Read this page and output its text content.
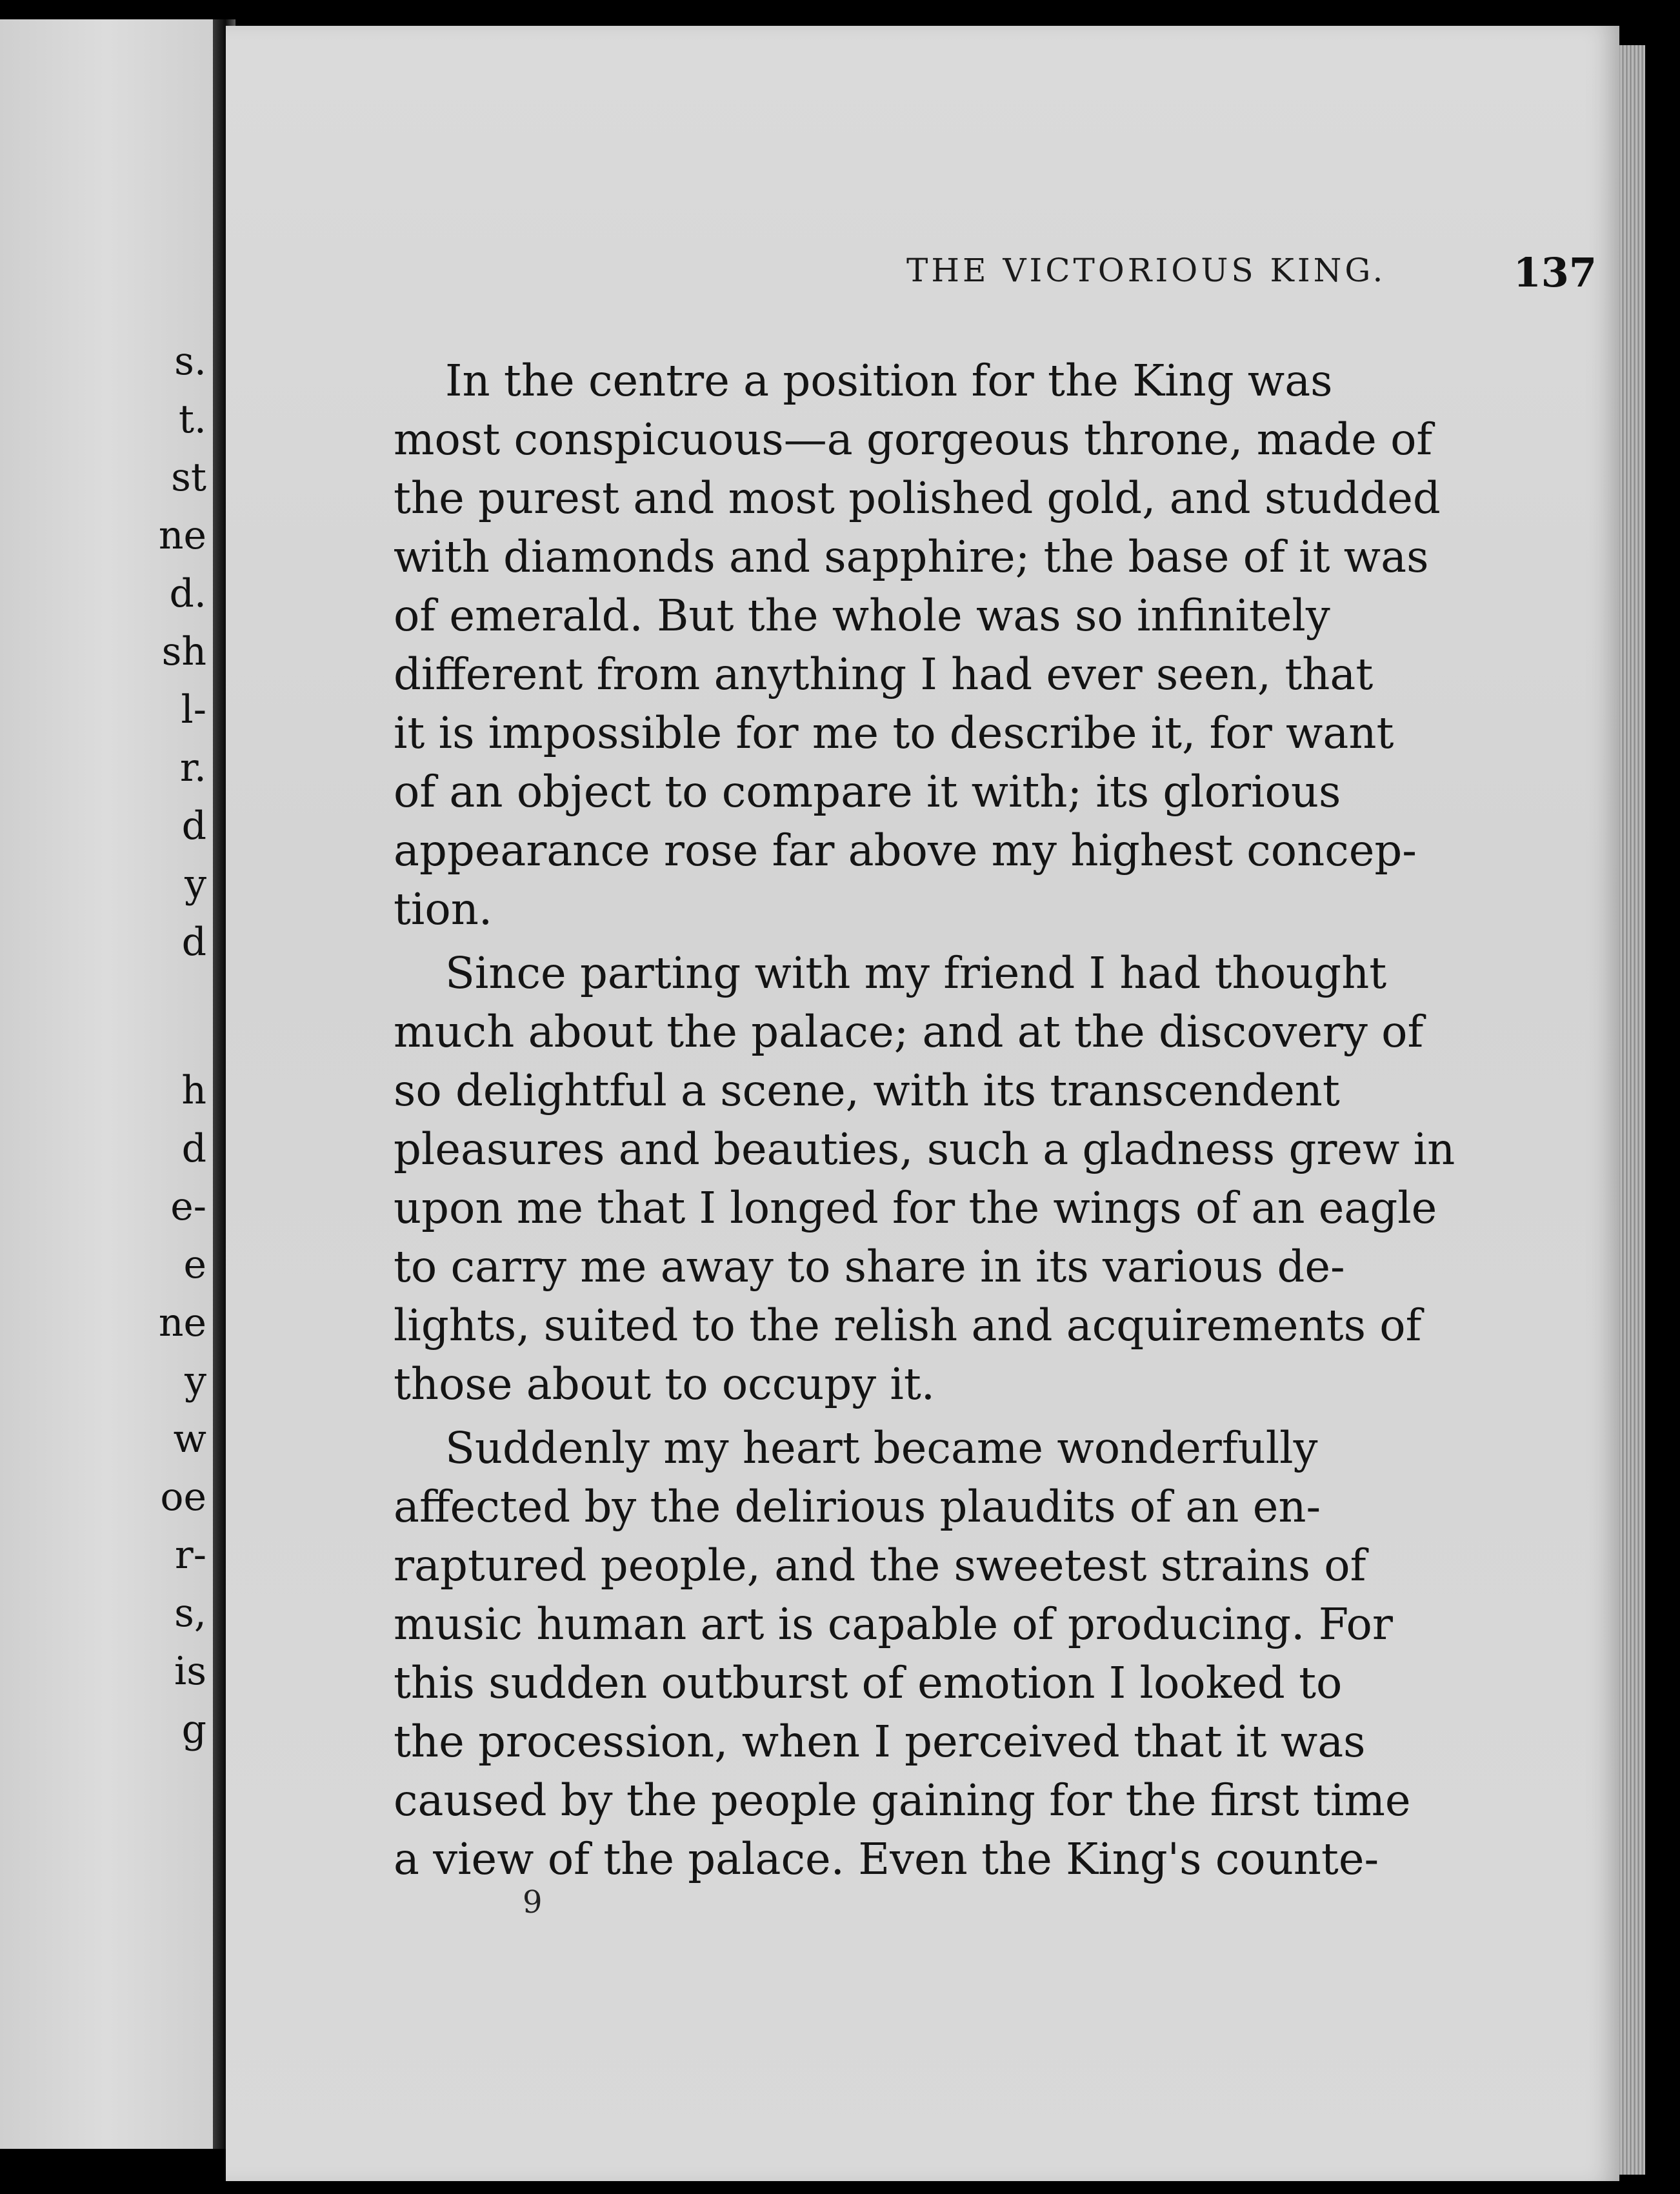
s.

t.

st

ne

d.

sh

l-

r.

d

y

d

h

d

e-

e

ne

y

w

oe

r-

s,

is

g

THE VICTORIOUS KING.	137
In the centre a position for the King was
most conspicuous—a gorgeous throne, made of
the purest and most polished gold, and studded
with diamonds and sapphire; the base of it was
of emerald. But the whole was so infinitely
different from anything I had ever seen, that
it is impossible for me to describe it, for want
of an object to compare it with; its glorious
appearance rose far above my highest concep-
tion.
Since parting with my friend I had thought
much about the palace; and at the discovery of
so delightful a scene, with its transcendent
pleasures and beauties, such a gladness grew in
upon me that I longed for the wings of an eagle
to carry me away to share in its various de-
lights, suited to the relish and acquirements of
those about to occupy it.
Suddenly my heart became wonderfully
affected by the delirious plaudits of an en-
raptured people, and the sweetest strains of
music human art is capable of producing. For
this sudden outburst of emotion I looked to
the procession, when I perceived that it was
caused by the people gaining for the first time
a view of the palace. Even the King's counte-
9
